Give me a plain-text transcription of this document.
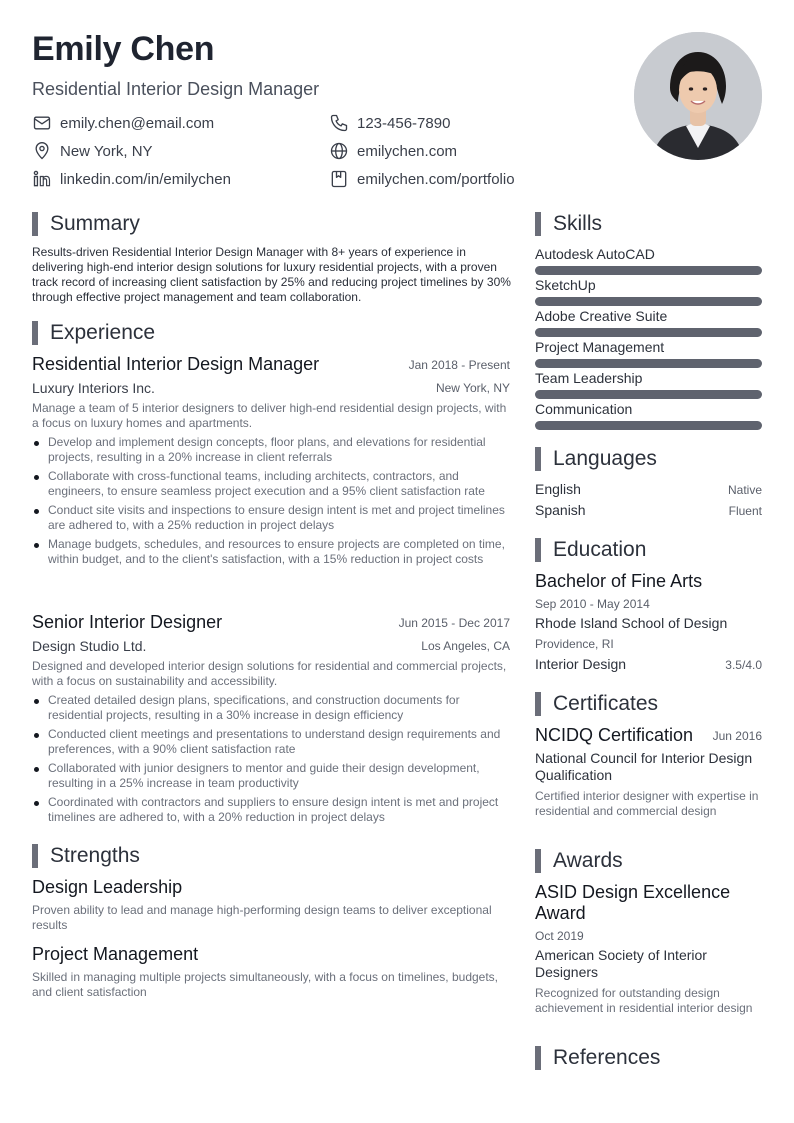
Emily Chen
Residential Interior Design Manager
emily.chen@email.com	123-456-7890
New York, NY	emilychen.com
linkedin.com/in/emilychen	emilychen.com/portfolio
Summary
Results-driven Residential Interior Design Manager with 8+ years of experience in delivering high-end interior design solutions for luxury residential projects, with a proven track record of increasing client satisfaction by 25% and reducing project timelines by 30% through effective project management and team collaboration.
Experience
Residential Interior Design Manager	Jan 2018 - Present
Luxury Interiors Inc.	New York, NY
Manage a team of 5 interior designers to deliver high-end residential design projects, with a focus on luxury homes and apartments.
Develop and implement design concepts, floor plans, and elevations for residential projects, resulting in a 20% increase in client referrals
Collaborate with cross-functional teams, including architects, contractors, and engineers, to ensure seamless project execution and a 95% client satisfaction rate
Conduct site visits and inspections to ensure design intent is met and project timelines are adhered to, with a 25% reduction in project delays
Manage budgets, schedules, and resources to ensure projects are completed on time, within budget, and to the client's satisfaction, with a 15% reduction in project costs
Senior Interior Designer	Jun 2015 - Dec 2017
Design Studio Ltd.	Los Angeles, CA
Designed and developed interior design solutions for residential and commercial projects, with a focus on sustainability and accessibility.
Created detailed design plans, specifications, and construction documents for residential projects, resulting in a 30% increase in design efficiency
Conducted client meetings and presentations to understand design requirements and preferences, with a 90% client satisfaction rate
Collaborated with junior designers to mentor and guide their design development, resulting in a 25% increase in team productivity
Coordinated with contractors and suppliers to ensure design intent is met and project timelines are adhered to, with a 20% reduction in project delays
Strengths
Design Leadership
Proven ability to lead and manage high-performing design teams to deliver exceptional results
Project Management
Skilled in managing multiple projects simultaneously, with a focus on timelines, budgets, and client satisfaction
Skills
Autodesk AutoCAD
SketchUp
Adobe Creative Suite
Project Management
Team Leadership
Communication
Languages
English	Native
Spanish	Fluent
Education
Bachelor of Fine Arts
Sep 2010 - May 2014
Rhode Island School of Design
Providence, RI
Interior Design	3.5/4.0
Certificates
NCIDQ Certification Jun 2016
National Council for Interior Design Qualification
Certified interior designer with expertise in residential and commercial design
Awards
ASID Design Excellence Award
Oct 2019
American Society of Interior Designers
Recognized for outstanding design achievement in residential interior design
References
